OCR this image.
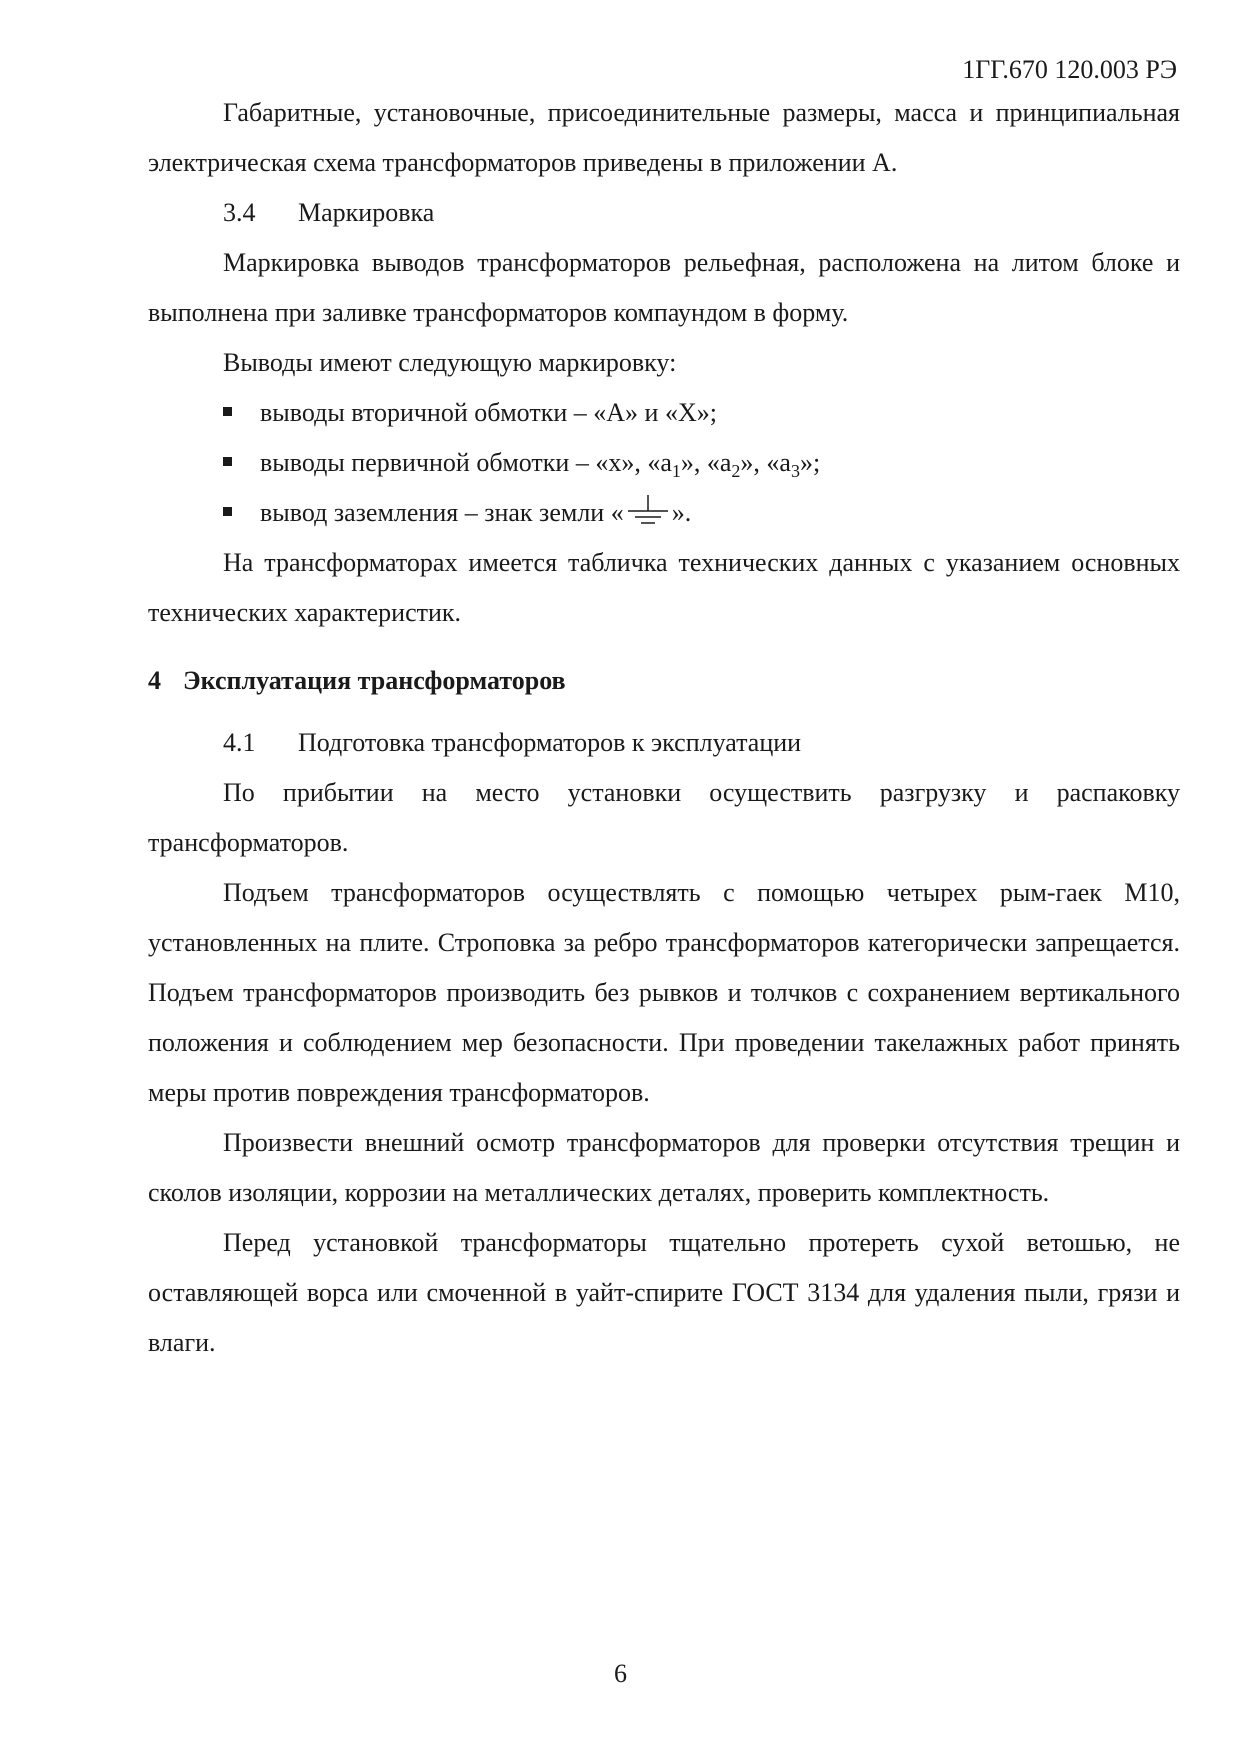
1ГГ.670 120.003 РЭ

Габаритные, установочные, присоединительные размеры, масса и принципиальная электрическая схема трансформаторов приведены в приложении А.

3.4 Маркировка

Маркировка выводов трансформаторов рельефная, расположена на литом блоке и выполнена при заливке трансформаторов компаундом в форму.

Выводы имеют следующую маркировку:

выводы вторичной обмотки – «А» и «Х»;
выводы первичной обмотки – «х», «$а_1$», «$а_2$», «$а_3$»;
вывод заземления – знак земли « ».

На трансформаторах имеется табличка технических данных с указанием основных технических характеристик.

4 Эксплуатация трансформаторов

4.1 Подготовка трансформаторов к эксплуатации

По прибытии на место установки осуществить разгрузку и распаковку трансформаторов.

Подъем трансформаторов осуществлять с помощью четырех рым-гаек М10, установленных на плите. Строповка за ребро трансформаторов категорически запрещается. Подъем трансформаторов производить без рывков и толчков с сохранением вертикального положения и соблюдением мер безопасности. При проведении такелажных работ принять меры против повреждения трансформаторов.

Произвести внешний осмотр трансформаторов для проверки отсутствия трещин и сколов изоляции, коррозии на металлических деталях, проверить комплектность.

Перед установкой трансформаторы тщательно протереть сухой ветошью, не оставляющей ворса или смоченной в уайт-спирите ГОСТ 3134 для удаления пыли, грязи и влаги.

6
